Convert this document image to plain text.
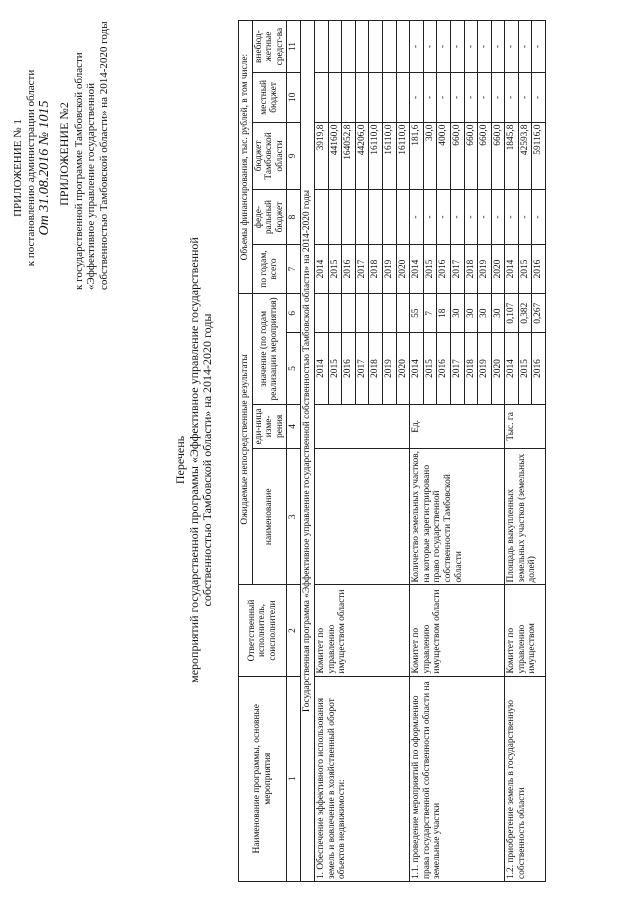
ПРИЛОЖЕНИЕ № 1 к постановлению администрации области От 31.08.2016 № 1015 ПРИЛОЖЕНИЕ №2 к государственной программе Тамбовской области «Эффективное управление государственной собственностью Тамбовской области» на 2014-2020 годы
Перечень мероприятий государственной программы «Эффективное управление государственной собственностью Тамбовской области» на 2014-2020 годы
Наименование программы, основные мероприятия	Ответственный исполнитель, соисполнители	Ожидаемые непосредственные результаты				Объемы финансирования, тыс. рублей, в том числе:				
		наименование	еди-ница изме-рения	значение (по годам реализации мероприятия)		по годам, всего	феде-ральный бюджет	бюджет Тамбовской области	местный бюджет	внебюд-жетные средст-ва
1	2	3	4	5	6	7	8	9	10	11
Государственная программа «Эффективное управление государственной собственностью Тамбовской области» на 2014-2020 годы										
1. Обеспечение эффективного использования земель и вовлечение в хозяйственный оборот объектов недвижимости:	Комитет по управлению имуществом области			2014		2014		3919,8		
				2015		2015		44160,0		
				2016		2016		164052,8		
				2017		2017		44206,0		
				2018		2018		16110,0		
				2019		2019		16110,0		
				2020		2020		16110,0		
1.1. проведение мероприятий по оформлению права государственной собственности области на земельные участки	Комитет по управлению имуществом области	Количество земельных участков, на которые зарегистрировано право государственной собственности Тамбовской области	Ед.	2014	55	2014	-	181,6	-	-
				2015	7	2015	-	30,0	-	-
				2016	18	2016	-	400,0	-	-
				2017	30	2017	-	660,0	-	-
				2018	30	2018	-	660,0	-	-
				2019	30	2019	-	660,0	-	-
				2020	30	2020	-	660,0	-	-
1.2. приобретение земель в государственную собственность области	Комитет по управлению имуществом	Площадь выкупленных земельных участков (земельных долей)	Тыс. га	2014	0,107	2014	-	1845,8	-	-
				2015	0,382	2015	-	42593,8	-	-
				2016	0,267	2016	-	59116,0	-	-
